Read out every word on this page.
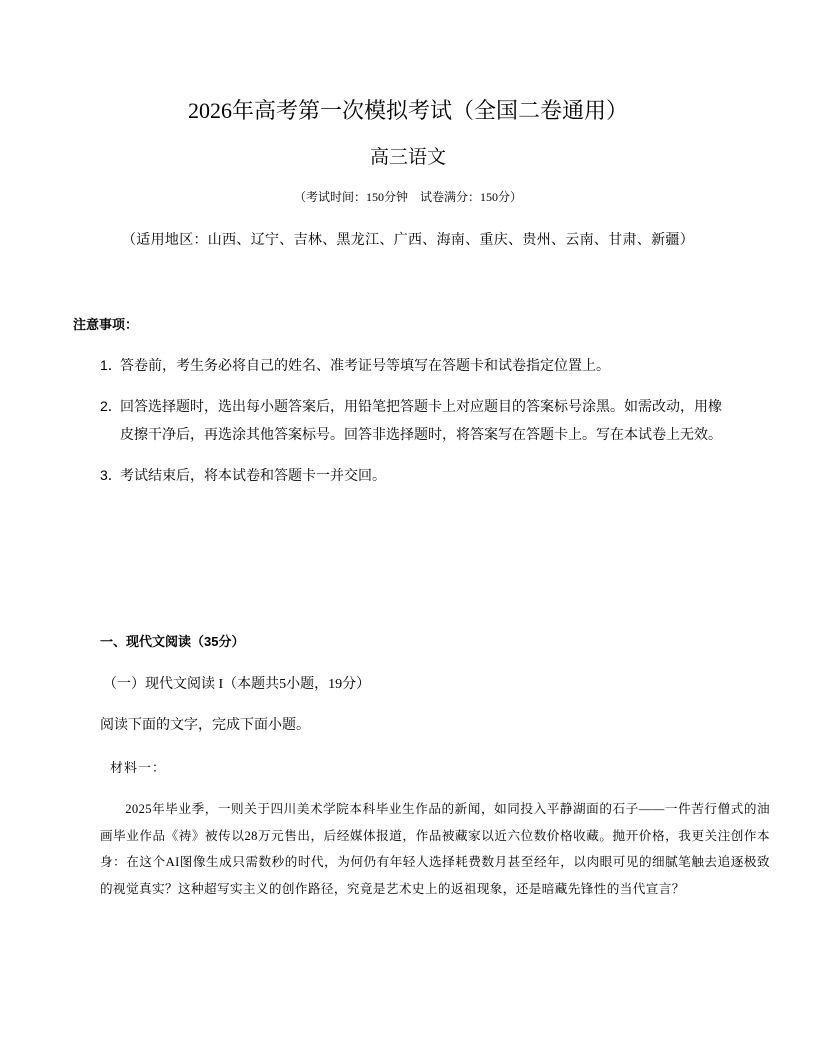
2026年高考第一次模拟考试（全国二卷通用）
高三语文
（考试时间：150分钟　试卷满分：150分）
（适用地区：山西、辽宁、吉林、黑龙江、广西、海南、重庆、贵州、云南、甘肃、新疆）
注意事项：
1．答卷前，考生务必将自己的姓名、准考证号等填写在答题卡和试卷指定位置上。
2．回答选择题时，选出每小题答案后，用铅笔把答题卡上对应题目的答案标号涂黑。如需改动，用橡
皮擦干净后，再选涂其他答案标号。回答非选择题时，将答案写在答题卡上。写在本试卷上无效。
3．考试结束后，将本试卷和答题卡一并交回。
一、现代文阅读（35分）
（一）现代文阅读 I（本题共5小题，19分）
阅读下面的文字，完成下面小题。
材料一：

2025年毕业季，一则关于四川美术学院本科毕业生作品的新闻，如同投入平静湖面的石子——一件苦行僧式的油画毕业作品《祷》被传以28万元售出，后经媒体报道，作品被藏家以近六位数价格收藏。抛开价格，我更关注创作本身：在这个AI图像生成只需数秒的时代，为何仍有年轻人选择耗费数月甚至经年，以肉眼可见的细腻笔触去追逐极致的视觉真实？这种超写实主义的创作路径，究竟是艺术史上的返祖现象，还是暗藏先锋性的当代宣言？
